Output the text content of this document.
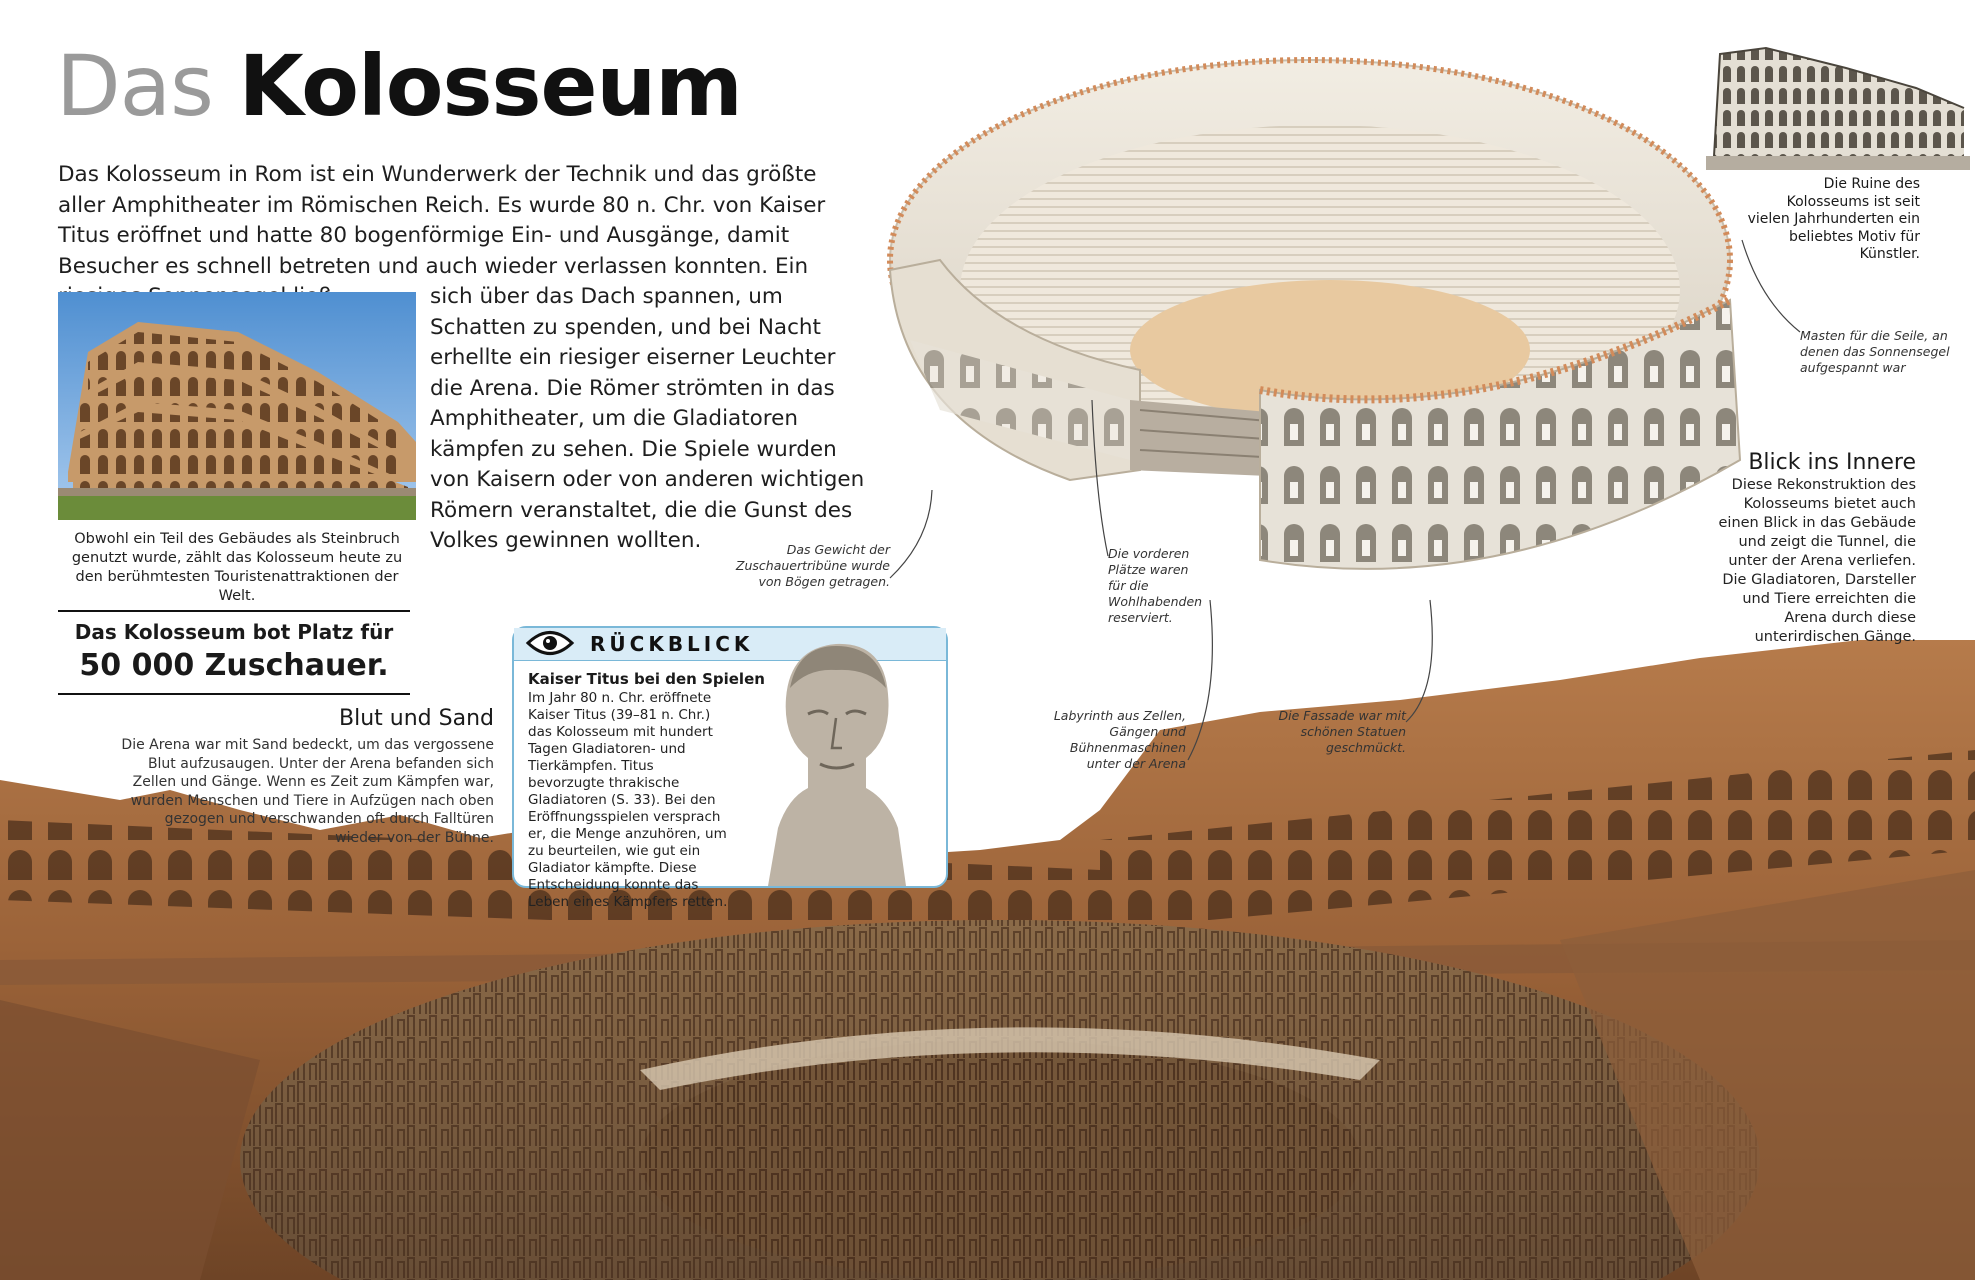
Das Kolosseum
Das Kolosseum in Rom ist ein Wunderwerk der Technik und das größte aller Amphitheater im Römischen Reich. Es wurde 80 n. Chr. von Kaiser Titus eröffnet und hatte 80 bogenförmige Ein- und Ausgänge, damit Besucher es schnell betreten und auch wieder verlassen konnten. Ein
sich über das Dach spannen, um Schatten zu spenden, und bei Nacht erhellte ein riesiger eiserner Leuchter die Arena. Die Römer strömten in das Amphitheater, um die Gladiatoren kämpfen zu sehen. Die Spiele wurden von Kaisern oder von anderen wichtigen Römern veranstaltet, die die Gunst des Volkes gewinnen wollten.
Obwohl ein Teil des Gebäudes als Steinbruch genutzt wurde, zählt das Kolosseum heute zu den berühmtesten Touristenattraktionen der Welt.
Das Kolosseum bot Platz für
50 000 Zuschauer.
Blut und Sand
Die Arena war mit Sand bedeckt, um das vergossene Blut aufzusaugen. Unter der Arena befanden sich Zellen und Gänge. Wenn es Zeit zum Kämpfen war, wurden Menschen und Tiere in Aufzügen nach oben gezogen und verschwanden oft durch Falltüren wieder von der Bühne.
RÜCKBLICK
Kaiser Titus bei den Spielen
Im Jahr 80 n. Chr. eröffnete Kaiser Titus (39–81 n. Chr.) das Kolosseum mit hundert Tagen Gladiatoren- und Tierkämpfen. Titus bevorzugte thrakische Gladiatoren (S. 33). Bei den Eröffnungsspielen versprach er, die Menge anzuhören, um zu beurteilen, wie gut ein Gladiator kämpfte. Diese Entscheidung konnte das Leben eines Kämpfers retten.
Die Ruine des Kolosseums ist seit vielen Jahrhunderten ein beliebtes Motiv für Künstler.
Masten für die Seile, an denen das Sonnensegel aufgespannt war
Das Gewicht der Zuschauertribüne wurde von Bögen getragen.
Die vorderen Plätze waren für die Wohlhabenden reserviert.
Labyrinth aus Zellen, Gängen und Bühnenmaschinen unter der Arena
Die Fassade war mit schönen Statuen geschmückt.
Blick ins Innere
Diese Rekonstruktion des Kolosseums bietet auch einen Blick in das Gebäude und zeigt die Tunnel, die unter der Arena verliefen. Die Gladiatoren, Darsteller und Tiere erreichten die Arena durch diese unterirdischen Gänge.
